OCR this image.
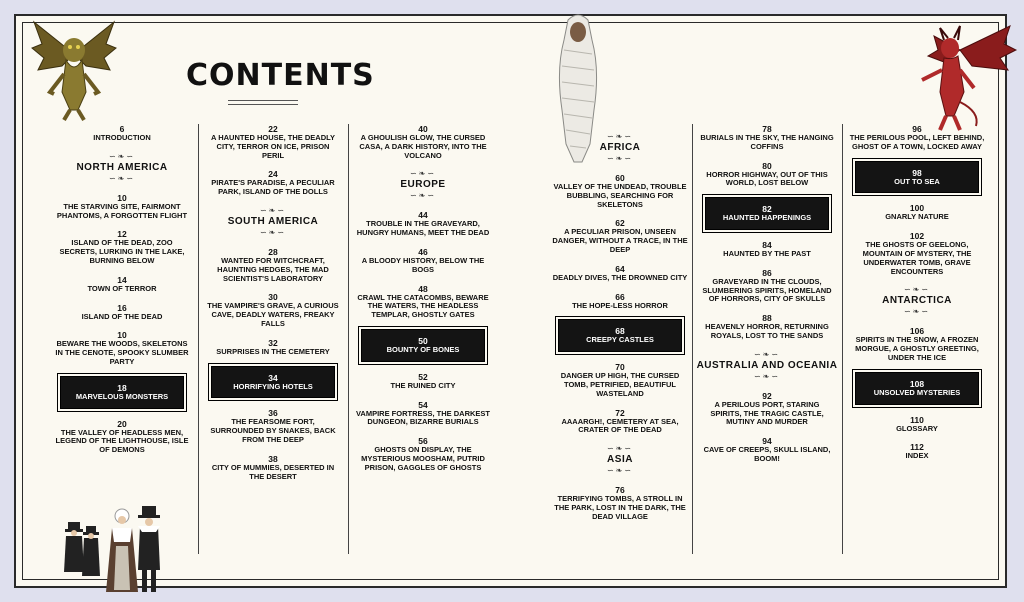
CONTENTS
6
INTRODUCTION
∽❧∽
NORTH AMERICA
∽❧∽
10
THE STARVING SITE, FAIRMONT PHANTOMS, A FORGOTTEN FLIGHT
12
ISLAND OF THE DEAD, ZOO SECRETS, LURKING IN THE LAKE, BURNING BELOW
14
TOWN OF TERROR
16
ISLAND OF THE DEAD
10
BEWARE THE WOODS, SKELETONS IN THE CENOTE, SPOOKY SLUMBER PARTY
18
MARVELOUS MONSTERS
20
THE VALLEY OF HEADLESS MEN, LEGEND OF THE LIGHTHOUSE, ISLE OF DEMONS
22
A HAUNTED HOUSE, THE DEADLY CITY, TERROR ON ICE, PRISON PERIL
24
PIRATE'S PARADISE, A PECULIAR PARK, ISLAND OF THE DOLLS
∽❧∽
SOUTH AMERICA
∽❧∽
28
WANTED FOR WITCHCRAFT, HAUNTING HEDGES, THE MAD SCIENTIST'S LABORATORY
30
THE VAMPIRE'S GRAVE, A CURIOUS CAVE, DEADLY WATERS, FREAKY FALLS
32
SURPRISES IN THE CEMETERY
34
HORRIFYING HOTELS
36
THE FEARSOME FORT, SURROUNDED BY SNAKES, BACK FROM THE DEEP
38
CITY OF MUMMIES, DESERTED IN THE DESERT
40
A GHOULISH GLOW, THE CURSED CASA, A DARK HISTORY, INTO THE VOLCANO
∽❧∽
EUROPE
∽❧∽
44
TROUBLE IN THE GRAVEYARD, HUNGRY HUMANS, MEET THE DEAD
46
A BLOODY HISTORY, BELOW THE BOGS
48
CRAWL THE CATACOMBS, BEWARE THE WATERS, THE HEADLESS TEMPLAR, GHOSTLY GATES
50
BOUNTY OF BONES
52
THE RUINED CITY
54
VAMPIRE FORTRESS, THE DARKEST DUNGEON, BIZARRE BURIALS
56
GHOSTS ON DISPLAY, THE MYSTERIOUS MOOSHAM, PUTRID PRISON, GAGGLES OF GHOSTS
∽❧∽
AFRICA
∽❧∽
60
VALLEY OF THE UNDEAD, TROUBLE BUBBLING, SEARCHING FOR SKELETONS
62
A PECULIAR PRISON, UNSEEN DANGER, WITHOUT A TRACE, IN THE DEEP
64
DEADLY DIVES, THE DROWNED CITY
66
THE HOPE-LESS HORROR
68
CREEPY CASTLES
70
DANGER UP HIGH, THE CURSED TOMB, PETRIFIED, BEAUTIFUL WASTELAND
72
AAAARGH!, CEMETERY AT SEA, CRATER OF THE DEAD
∽❧∽
ASIA
∽❧∽
76
TERRIFYING TOMBS, A STROLL IN THE PARK, LOST IN THE DARK, THE DEAD VILLAGE
78
BURIALS IN THE SKY, THE HANGING COFFINS
80
HORROR HIGHWAY, OUT OF THIS WORLD, LOST BELOW
82
HAUNTED HAPPENINGS
84
HAUNTED BY THE PAST
86
GRAVEYARD IN THE CLOUDS, SLUMBERING SPIRITS, HOMELAND OF HORRORS, CITY OF SKULLS
88
HEAVENLY HORROR, RETURNING ROYALS, LOST TO THE SANDS
∽❧∽
AUSTRALIA AND OCEANIA
∽❧∽
92
A PERILOUS PORT, STARING SPIRITS, THE TRAGIC CASTLE, MUTINY AND MURDER
94
CAVE OF CREEPS, SKULL ISLAND, BOOM!
96
THE PERILOUS POOL, LEFT BEHIND, GHOST OF A TOWN, LOCKED AWAY
98
OUT TO SEA
100
GNARLY NATURE
102
THE GHOSTS OF GEELONG, MOUNTAIN OF MYSTERY, THE UNDERWATER TOMB, GRAVE ENCOUNTERS
∽❧∽
ANTARCTICA
∽❧∽
106
SPIRITS IN THE SNOW, A FROZEN MORGUE, A GHOSTLY GREETING, UNDER THE ICE
108
UNSOLVED MYSTERIES
110
GLOSSARY
112
INDEX
